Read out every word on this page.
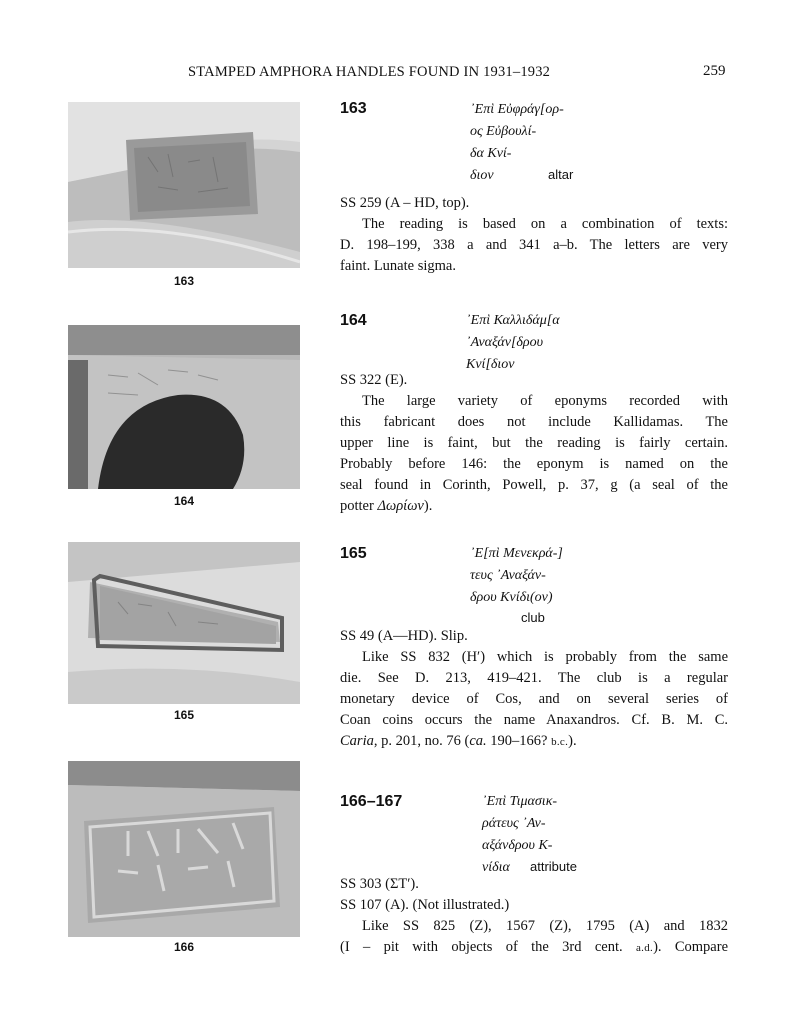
STAMPED AMPHORA HANDLES FOUND IN 1931–1932	259
163
164
165
166
163	᾿Επὶ Εὐφράγ[ορ-
ος Εὐβουλί-
δα Κνί-
διον	altar
SS 259 (A – HD, top).
The reading is based on a combination of texts:
D. 198–199, 338 a and 341 a–b. The letters are very
faint. Lunate sigma.
164	᾿Επὶ Καλλιδάμ[α
᾿Αναξάν[δρου
Κνί[διον
SS 322 (E).
The large variety of eponyms recorded with
this fabricant does not include Kallidamas. The
upper line is faint, but the reading is fairly certain.
Probably before 146: the eponym is named on the
seal found in Corinth, Powell, p. 37, g (a seal of the
potter Δωρίων).
165	᾿Ε[πὶ Μενεκρά-]
τευς ᾿Αναξάν-
δρου Κνίδι(ον)
club
SS 49 (A—HD). Slip.
Like SS 832 (H′) which is probably from the same
die. See D. 213, 419–421. The club is a regular
monetary device of Cos, and on several series of
Coan coins occurs the name Anaxandros. Cf. B. M. C.
Caria, p. 201, no. 76 (ca. 190–166? b.c.).
166–167	᾿Επὶ Τιμασικ-
ράτευς ᾿Αν-
αξάνδρου Κ-
νίδια attribute
SS 303 (ΣΤ′).
SS 107 (A). (Not illustrated.)
Like SS 825 (Z), 1567 (Z), 1795 (A) and 1832
(I – pit with objects of the 3rd cent. a.d.). Compare
